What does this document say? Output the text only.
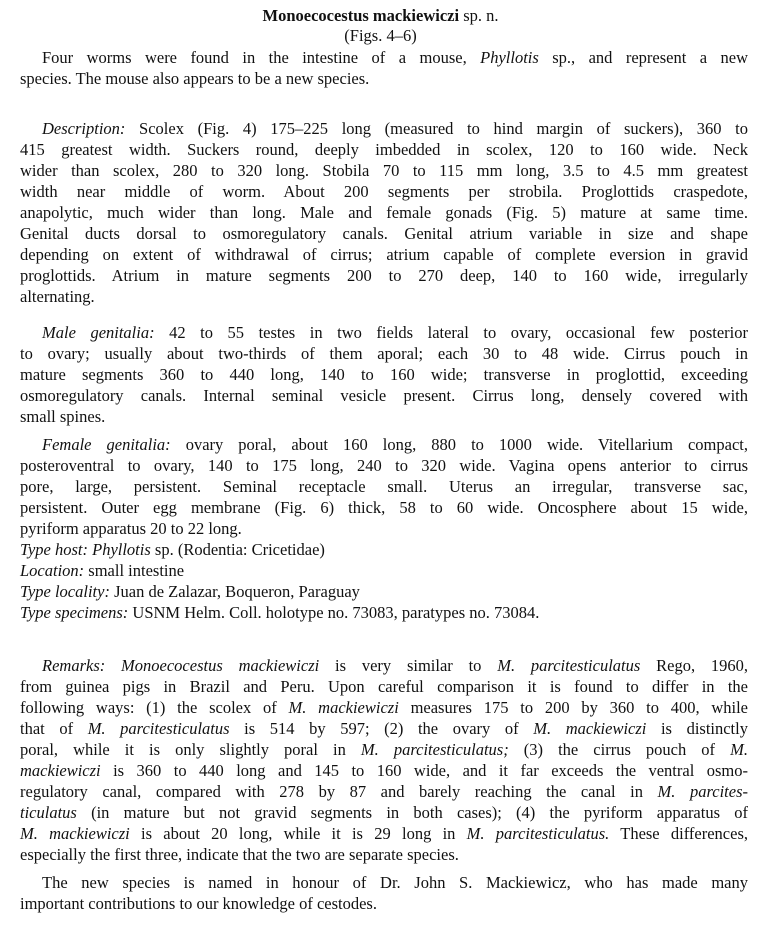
Monoecocestus mackiewiczi sp. n.
(Figs. 4–6)
Four worms were found in the intestine of a mouse, Phyllotis sp., and represent a new
species. The mouse also appears to be a new species.
Description: Scolex (Fig. 4) 175–225 long (measured to hind margin of suckers), 360 to
415 greatest width. Suckers round, deeply imbedded in scolex, 120 to 160 wide. Neck
wider than scolex, 280 to 320 long. Stobila 70 to 115 mm long, 3.5 to 4.5 mm greatest
width near middle of worm. About 200 segments per strobila. Proglottids craspedote,
anapolytic, much wider than long. Male and female gonads (Fig. 5) mature at same time.
Genital ducts dorsal to osmoregulatory canals. Genital atrium variable in size and shape
depending on extent of withdrawal of cirrus; atrium capable of complete eversion in gravid
proglottids. Atrium in mature segments 200 to 270 deep, 140 to 160 wide, irregularly
alternating.
Male genitalia: 42 to 55 testes in two fields lateral to ovary, occasional few posterior
to ovary; usually about two-thirds of them aporal; each 30 to 48 wide. Cirrus pouch in
mature segments 360 to 440 long, 140 to 160 wide; transverse in proglottid, exceeding
osmoregulatory canals. Internal seminal vesicle present. Cirrus long, densely covered with
small spines.
Female genitalia: ovary poral, about 160 long, 880 to 1000 wide. Vitellarium compact,
posteroventral to ovary, 140 to 175 long, 240 to 320 wide. Vagina opens anterior to cirrus
pore, large, persistent. Seminal receptacle small. Uterus an irregular, transverse sac,
persistent. Outer egg membrane (Fig. 6) thick, 58 to 60 wide. Oncosphere about 15 wide,
pyriform apparatus 20 to 22 long.
Type host: Phyllotis sp. (Rodentia: Cricetidae)
Location: small intestine
Type locality: Juan de Zalazar, Boqueron, Paraguay
Type specimens: USNM Helm. Coll. holotype no. 73083, paratypes no. 73084.
Remarks: Monoecocestus mackiewiczi is very similar to M. parcitesticulatus Rego, 1960,
from guinea pigs in Brazil and Peru. Upon careful comparison it is found to differ in the
following ways: (1) the scolex of M. mackiewiczi measures 175 to 200 by 360 to 400, while
that of M. parcitesticulatus is 514 by 597; (2) the ovary of M. mackiewiczi is distinctly
poral, while it is only slightly poral in M. parcitesticulatus; (3) the cirrus pouch of M.
mackiewiczi is 360 to 440 long and 145 to 160 wide, and it far exceeds the ventral osmo-
regulatory canal, compared with 278 by 87 and barely reaching the canal in M. parcites-
ticulatus (in mature but not gravid segments in both cases); (4) the pyriform apparatus of
M. mackiewiczi is about 20 long, while it is 29 long in M. parcitesticulatus. These differences,
especially the first three, indicate that the two are separate species.
The new species is named in honour of Dr. John S. Mackiewicz, who has made many
important contributions to our knowledge of cestodes.
